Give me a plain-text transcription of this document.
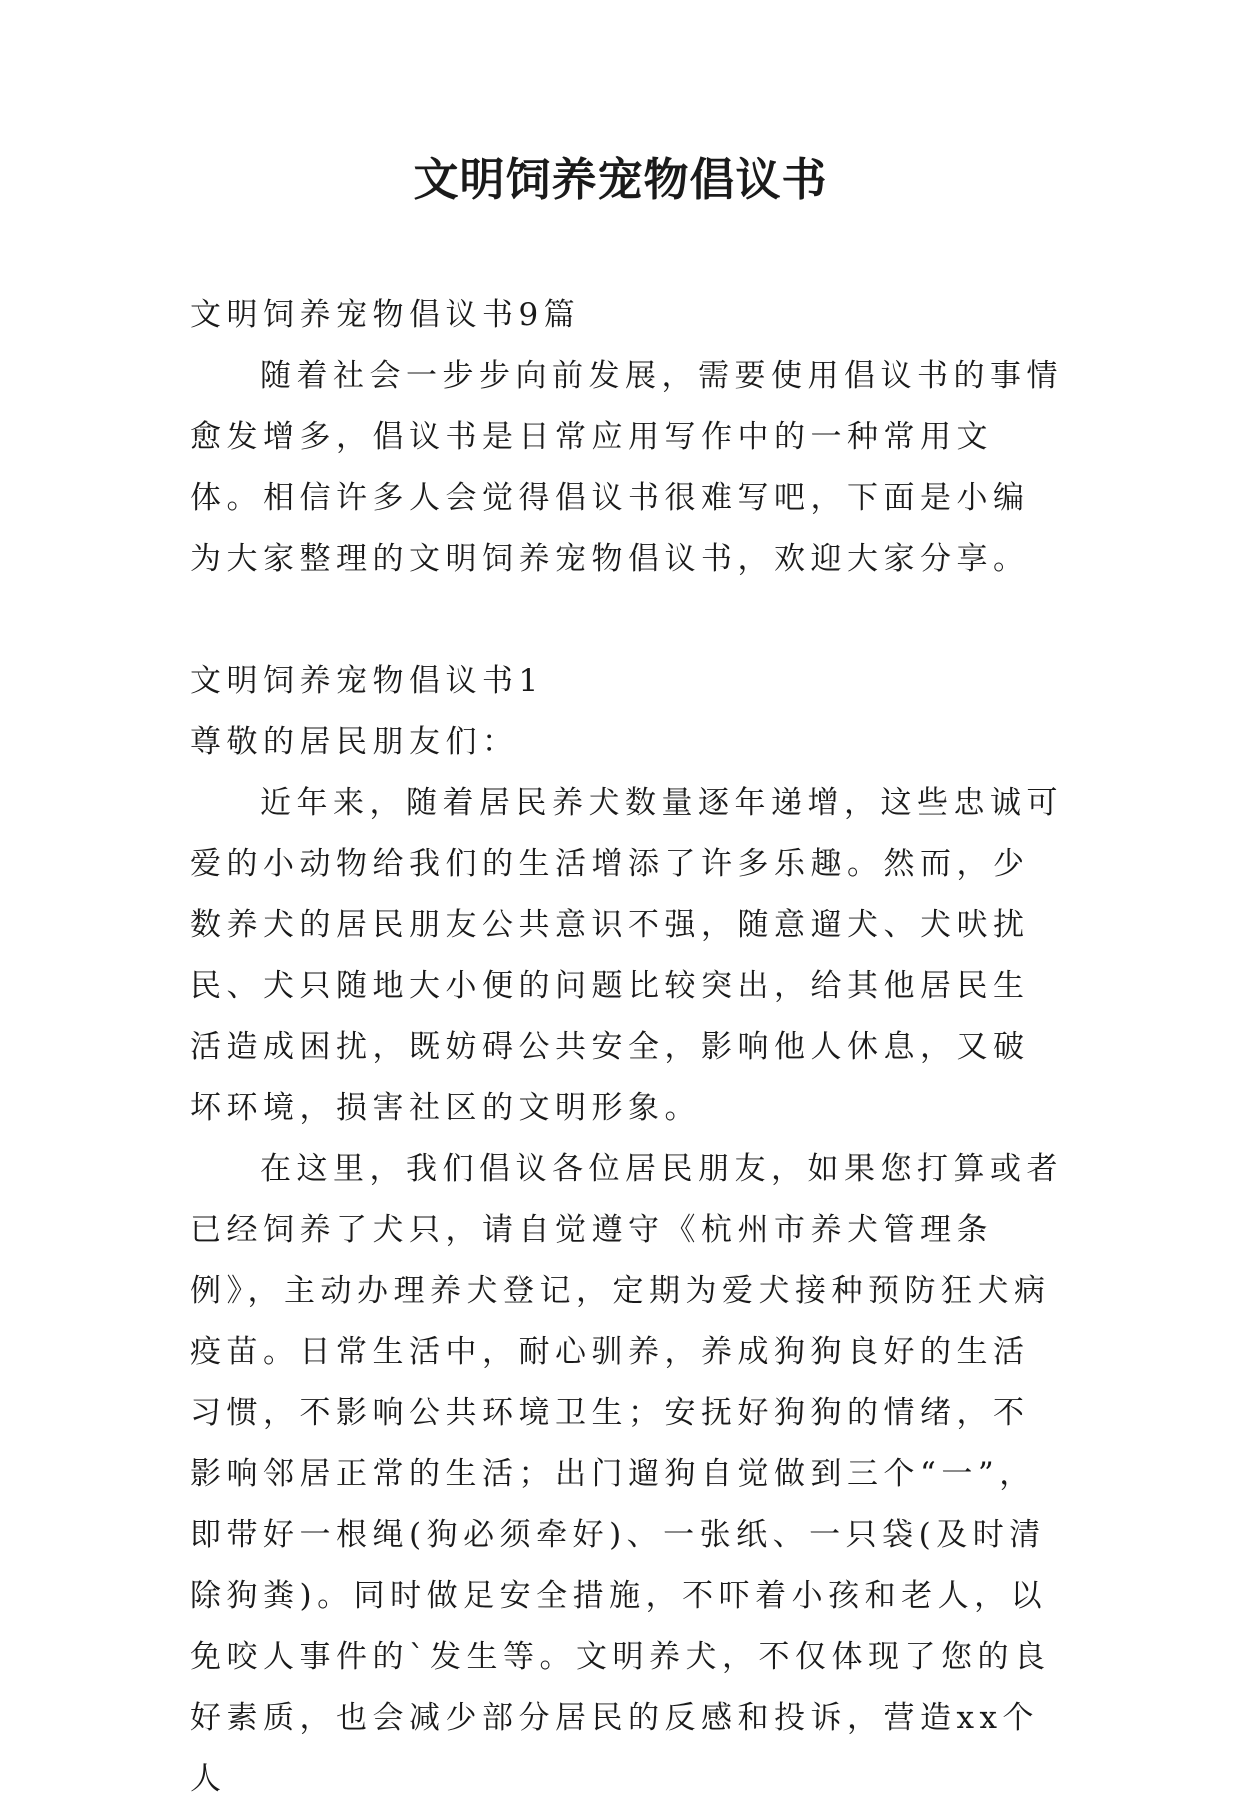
文明饲养宠物倡议书

文明饲养宠物倡议书9篇

随着社会一步步向前发展，需要使用倡议书的事情愈发增多，倡议书是日常应用写作中的一种常用文体。相信许多人会觉得倡议书很难写吧，下面是小编为大家整理的文明饲养宠物倡议书，欢迎大家分享。

文明饲养宠物倡议书1

尊敬的居民朋友们：

近年来，随着居民养犬数量逐年递增，这些忠诚可爱的小动物给我们的生活增添了许多乐趣。然而，少数养犬的居民朋友公共意识不强，随意遛犬、犬吠扰民、犬只随地大小便的问题比较突出，给其他居民生活造成困扰，既妨碍公共安全，影响他人休息，又破坏环境，损害社区的文明形象。

在这里，我们倡议各位居民朋友，如果您打算或者已经饲养了犬只，请自觉遵守《杭州市养犬管理条例》，主动办理养犬登记，定期为爱犬接种预防狂犬病疫苗。日常生活中，耐心驯养，养成狗狗良好的生活习惯，不影响公共环境卫生；安抚好狗狗的情绪，不影响邻居正常的生活；出门遛狗自觉做到三个“一”，即带好一根绳(狗必须牵好)、一张纸、一只袋(及时清除狗粪)。同时做足安全措施，不吓着小孩和老人，以免咬人事件的`发生等。文明养犬，不仅体现了您的良好素质，也会减少部分居民的反感和投诉，营造xx个人
